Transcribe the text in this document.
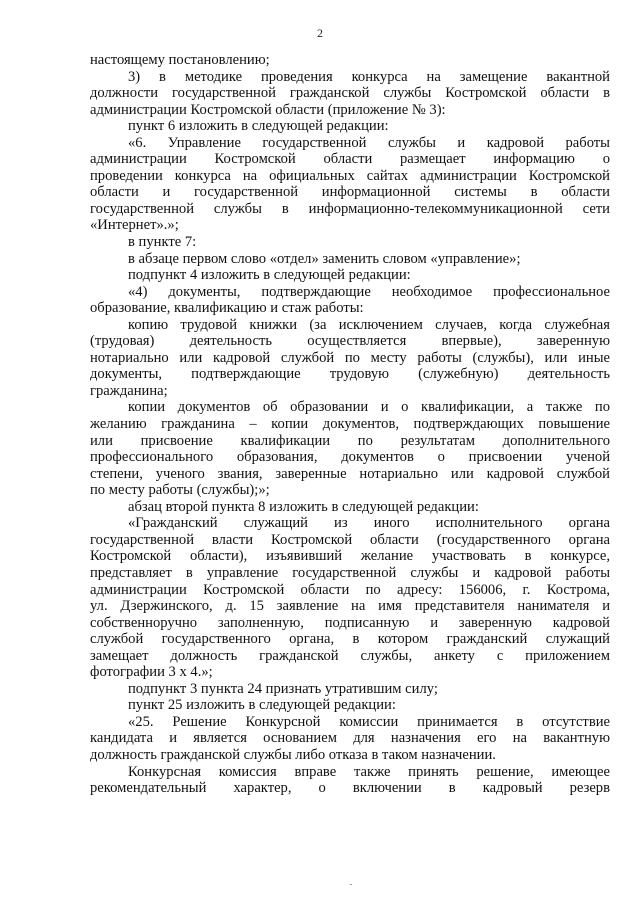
2
настоящему постановлению;
3) в методике проведения конкурса на замещение вакантной
должности государственной гражданской службы Костромской области в
администрации Костромской области (приложение № 3):
пункт 6 изложить в следующей редакции:
«6. Управление государственной службы и кадровой работы
администрации Костромской области размещает информацию о
проведении конкурса на официальных сайтах администрации Костромской
области и государственной информационной системы в области
государственной службы в информационно-телекоммуникационной сети
«Интернет».»;
в пункте 7:
в абзаце первом слово «отдел» заменить словом «управление»;
подпункт 4 изложить в следующей редакции:
«4) документы, подтверждающие необходимое профессиональное
образование, квалификацию и стаж работы:
копию трудовой книжки (за исключением случаев, когда служебная
(трудовая) деятельность осуществляется впервые), заверенную
нотариально или кадровой службой по месту работы (службы), или иные
документы, подтверждающие трудовую (служебную) деятельность
гражданина;
копии документов об образовании и о квалификации, а также по
желанию гражданина – копии документов, подтверждающих повышение
или присвоение квалификации по результатам дополнительного
профессионального образования, документов о присвоении ученой
степени, ученого звания, заверенные нотариально или кадровой службой
по месту работы (службы);»;
абзац второй пункта 8 изложить в следующей редакции:
«Гражданский служащий из иного исполнительного органа
государственной власти Костромской области (государственного органа
Костромской области), изъявивший желание участвовать в конкурсе,
представляет в управление государственной службы и кадровой работы
администрации Костромской области по адресу: 156006, г. Кострома,
ул. Дзержинского, д. 15 заявление на имя представителя нанимателя и
собственноручно заполненную, подписанную и заверенную кадровой
службой государственного органа, в котором гражданский служащий
замещает должность гражданской службы, анкету с приложением
фотографии 3 х 4.»;
подпункт 3 пункта 24 признать утратившим силу;
пункт 25 изложить в следующей редакции:
«25. Решение Конкурсной комиссии принимается в отсутствие
кандидата и является основанием для назначения его на вакантную
должность гражданской службы либо отказа в таком назначении.
Конкурсная комиссия вправе также принять решение, имеющее
рекомендательный характер, о включении в кадровый резерв
